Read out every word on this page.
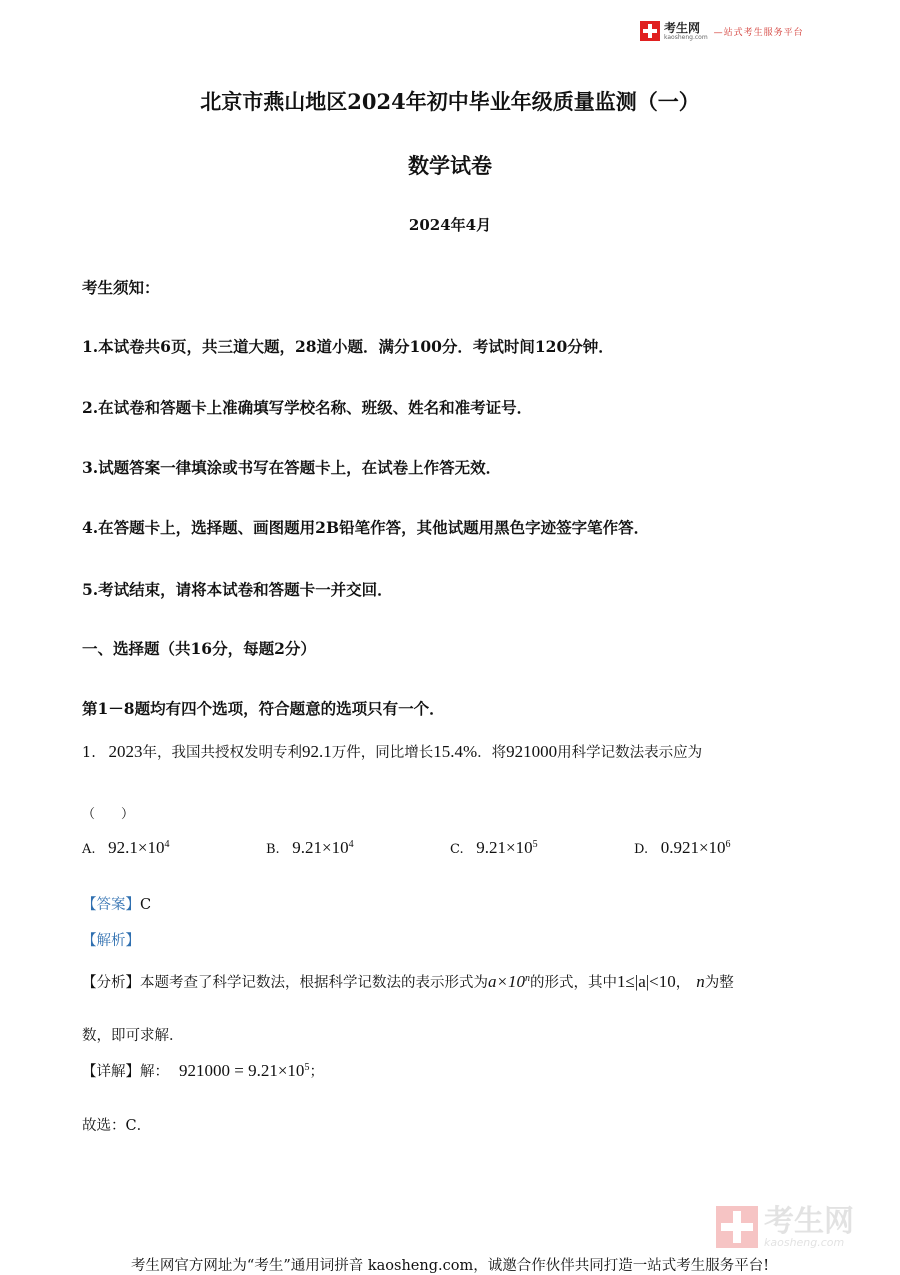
考生网
kaosheng.com —站式考生服务平台
北京市燕山地区2024年初中毕业年级质量监测（一）
数学试卷
2024年4月
考生须知：
1.本试卷共6页，共三道大题，28道小题．满分100分．考试时间120分钟．
2.在试卷和答题卡上准确填写学校名称、班级、姓名和准考证号．
3.试题答案一律填涂或书写在答题卡上，在试卷上作答无效．
4.在答题卡上，选择题、画图题用2B铅笔作答，其他试题用黑色字迹签字笔作答．
5.考试结束，请将本试卷和答题卡一并交回．
一、选择题（共16分，每题2分）
第1－8题均有四个选项，符合题意的选项只有一个．
1. 2023年，我国共授权发明专利92.1万件，同比增长15.4%．将921000用科学记数法表示应为
（　　）
A. $92.1\times 10^4$	B. $9.21\times 10^4$	C. $9.21\times 10^5$	D. $0.921\times 10^6$
【答案】C
【解析】
【分析】本题考查了科学记数法，根据科学记数法的表示形式为$a\times 10^n$的形式，其中1≤|a|<10， n为整
数，即可求解．
【详解】解： $921000 = 9.21\times 10^5$；
故选：C．
考生网
kaosheng.com
考生网官方网址为“考生”通用词拼音 kaosheng.com，诚邀合作伙伴共同打造一站式考生服务平台!
